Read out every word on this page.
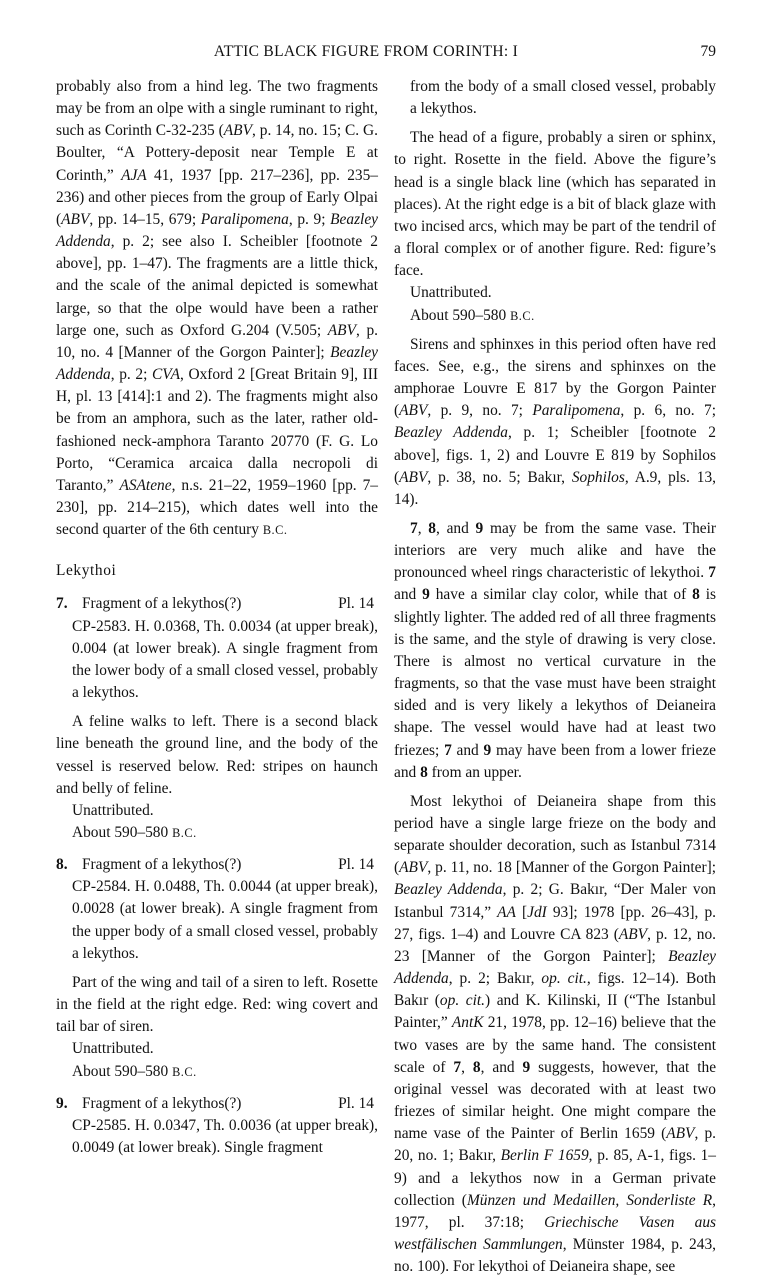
ATTIC BLACK FIGURE FROM CORINTH: I	79

probably also from a hind leg. The two fragments may be from an olpe with a single ruminant to right, such as Corinth C-32-235 (ABV, p. 14, no. 15; C. G. Boulter, “A Pottery-deposit near Temple E at Corinth,” AJA 41, 1937 [pp. 217–236], pp. 235–236) and other pieces from the group of Early Olpai (ABV, pp. 14–15, 679; Paralipomena, p. 9; Beazley Addenda, p. 2; see also I. Scheibler [footnote 2 above], pp. 1–47). The fragments are a little thick, and the scale of the animal depicted is somewhat large, so that the olpe would have been a rather large one, such as Oxford G.204 (V.505; ABV, p. 10, no. 4 [Manner of the Gorgon Painter]; Beazley Addenda, p. 2; CVA, Oxford 2 [Great Britain 9], III H, pl. 13 [414]:1 and 2). The fragments might also be from an amphora, such as the later, rather old-fashioned neck-amphora Taranto 20770 (F. G. Lo Porto, “Ceramica arcaica dalla necropoli di Taranto,” ASAtene, n.s. 21–22, 1959–1960 [pp. 7–230], pp. 214–215), which dates well into the second quarter of the 6th century B.C.

Lekythoi

7. Fragment of a lekythos(?)	Pl. 14

CP-2583. H. 0.0368, Th. 0.0034 (at upper break), 0.004 (at lower break). A single fragment from the lower body of a small closed vessel, probably a lekythos.

A feline walks to left. There is a second black line beneath the ground line, and the body of the vessel is reserved below. Red: stripes on haunch and belly of feline.

Unattributed.

About 590–580 B.C.

8. Fragment of a lekythos(?)	Pl. 14

CP-2584. H. 0.0488, Th. 0.0044 (at upper break), 0.0028 (at lower break). A single fragment from the upper body of a small closed vessel, probably a lekythos.

Part of the wing and tail of a siren to left. Rosette in the field at the right edge. Red: wing covert and tail bar of siren.

Unattributed.

About 590–580 B.C.

9. Fragment of a lekythos(?)	Pl. 14

CP-2585. H. 0.0347, Th. 0.0036 (at upper break), 0.0049 (at lower break). Single fragment

from the body of a small closed vessel, probably a lekythos.

The head of a figure, probably a siren or sphinx, to right. Rosette in the field. Above the figure’s head is a single black line (which has separated in places). At the right edge is a bit of black glaze with two incised arcs, which may be part of the tendril of a floral complex or of another figure. Red: figure’s face.

Unattributed.

About 590–580 B.C.

Sirens and sphinxes in this period often have red faces. See, e.g., the sirens and sphinxes on the amphorae Louvre E 817 by the Gorgon Painter (ABV, p. 9, no. 7; Paralipomena, p. 6, no. 7; Beazley Addenda, p. 1; Scheibler [footnote 2 above], figs. 1, 2) and Louvre E 819 by Sophilos (ABV, p. 38, no. 5; Bakır, Sophilos, A.9, pls. 13, 14).

7, 8, and 9 may be from the same vase. Their interiors are very much alike and have the pronounced wheel rings characteristic of lekythoi. 7 and 9 have a similar clay color, while that of 8 is slightly lighter. The added red of all three fragments is the same, and the style of drawing is very close. There is almost no vertical curvature in the fragments, so that the vase must have been straight sided and is very likely a lekythos of Deianeira shape. The vessel would have had at least two friezes; 7 and 9 may have been from a lower frieze and 8 from an upper.

Most lekythoi of Deianeira shape from this period have a single large frieze on the body and separate shoulder decoration, such as Istanbul 7314 (ABV, p. 11, no. 18 [Manner of the Gorgon Painter]; Beazley Addenda, p. 2; G. Bakır, “Der Maler von Istanbul 7314,” AA [JdI 93]; 1978 [pp. 26–43], p. 27, figs. 1–4) and Louvre CA 823 (ABV, p. 12, no. 23 [Manner of the Gorgon Painter]; Beazley Addenda, p. 2; Bakır, op. cit., figs. 12–14). Both Bakır (op. cit.) and K. Kilinski, II (“The Istanbul Painter,” AntK 21, 1978, pp. 12–16) believe that the two vases are by the same hand. The consistent scale of 7, 8, and 9 suggests, however, that the original vessel was decorated with at least two friezes of similar height. One might compare the name vase of the Painter of Berlin 1659 (ABV, p. 20, no. 1; Bakır, Berlin F 1659, p. 85, A-1, figs. 1–9) and a lekythos now in a German private collection (Münzen und Medaillen, Sonderliste R, 1977, pl. 37:18; Griechische Vasen aus westfälischen Sammlungen, Münster 1984, p. 243, no. 100). For lekythoi of Deianeira shape, see
